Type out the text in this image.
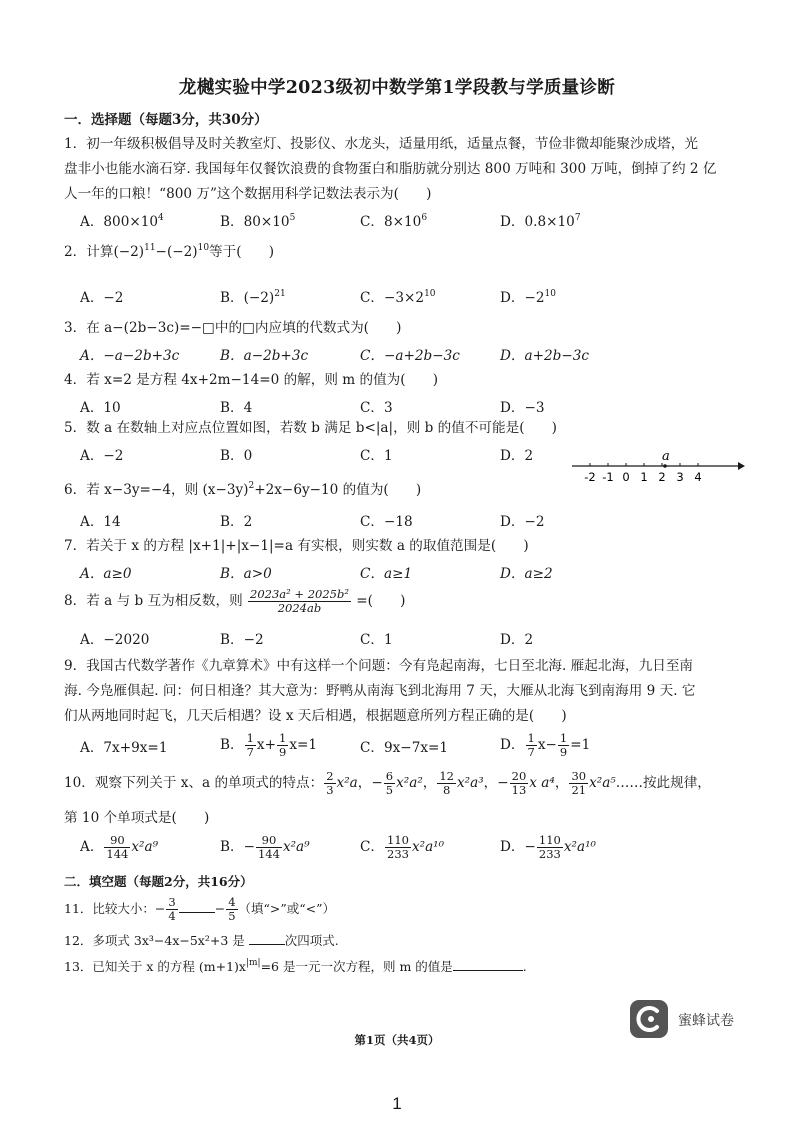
龙樾实验中学2023级初中数学第1学段教与学质量诊断
一．选择题（每题3分，共30分）
1．初一年级积极倡导及时关教室灯、投影仪、水龙头，适量用纸，适量点餐，节俭非微却能聚沙成塔，光
盘非小也能水滴石穿. 我国每年仅餐饮浪费的食物蛋白和脂肪就分别达 800 万吨和 300 万吨，倒掉了约 2 亿
人一年的口粮！“800 万”这个数据用科学记数法表示为(　　)
A．$800\times 10^4$	B．$80\times 10^5$	C．$8\times 10^6$	D．$0.8\times 10^7$
2．计算$(-2)^{11}-(-2)^{10}$等于(　　)
A．−2	B．$(-2)^{21}$	C．$-3\times 2^{10}$	D．$-2^{10}$
3．在 a−(2b−3c)=−□中的□内应填的代数式为(　　)
A．−a−2b+3c	B．a−2b+3c	C．−a+2b−3c	D．a+2b−3c
4．若 x=2 是方程 4x+2m−14=0 的解，则 m 的值为(　　)
A．10	B．4	C．3	D．−3
5．数 a 在数轴上对应点位置如图，若数 b 满足 b<|a|，则 b 的值不可能是(　　)
A．−2	B．0	C．1	D．2	a
-2 -1 0 1 2 3 4
6．若 x−3y=−4，则 $(x-3y)^2+2x-6y-10$ 的值为(　　)
A．14	B．2	C．−18	D．−2
7．若关于 x 的方程 |x+1|+|x−1|=a 有实根，则实数 a 的取值范围是(　　)
A．a≥0	B．a>0	C．a≥1	D．a≥2
8．若 a 与 b 互为相反数，则 $\frac{\text{2023a² + 2025b²}}{2024ab}$ =(　　)
A．−2020	B．−2	C．1	D．2
9．我国古代数学著作《九章算术》中有这样一个问题：今有凫起南海，七日至北海. 雁起北海，九日至南
海. 今凫雁俱起. 问：何日相逢？其大意为：野鸭从南海飞到北海用 7 天，大雁从北海飞到南海用 9 天. 它
们从两地同时起飞，几天后相遇？设 x 天后相遇，根据题意所列方程正确的是(　　)
A．7x+9x=1	B． $\frac{1}{7} x+ \frac{1}{9} x=1$	C．9x−7x=1	D． $\frac{1}{7} x- \frac{1}{9} =1$
10．观察下列关于 x、a 的单项式的特点： $\frac{2}{3} x^2a$，− $\frac{6}{5} x^2a^2$， $\frac{12}{8} x^2a^3$，− $\frac{20}{13}$ x a⁴， $\frac{30}{21}$ x²a⁵……按此规律，
第 10 个单项式是(　　)
A． $\frac{90}{144} x^2a^9$	B．− $\frac{90}{144} x^2a^9$	C． $\frac{110}{233} x^2a^{10}$	D．− $\frac{110}{233} x^2a^{10}$
二．填空题（每题2分，共16分）
11．比较大小：− $\frac{3}{4}$	− $\frac{4}{5}$ （填“>”或“<”）
12．多项式 3x³−4x−5x²+3 是	次四项式.
13．已知关于 x 的方程 $(m+1)x^{|m|}=6$ 是一元一次方程，则 m 的值是	.
蜜蜂试卷
第1页（共4页）
1
